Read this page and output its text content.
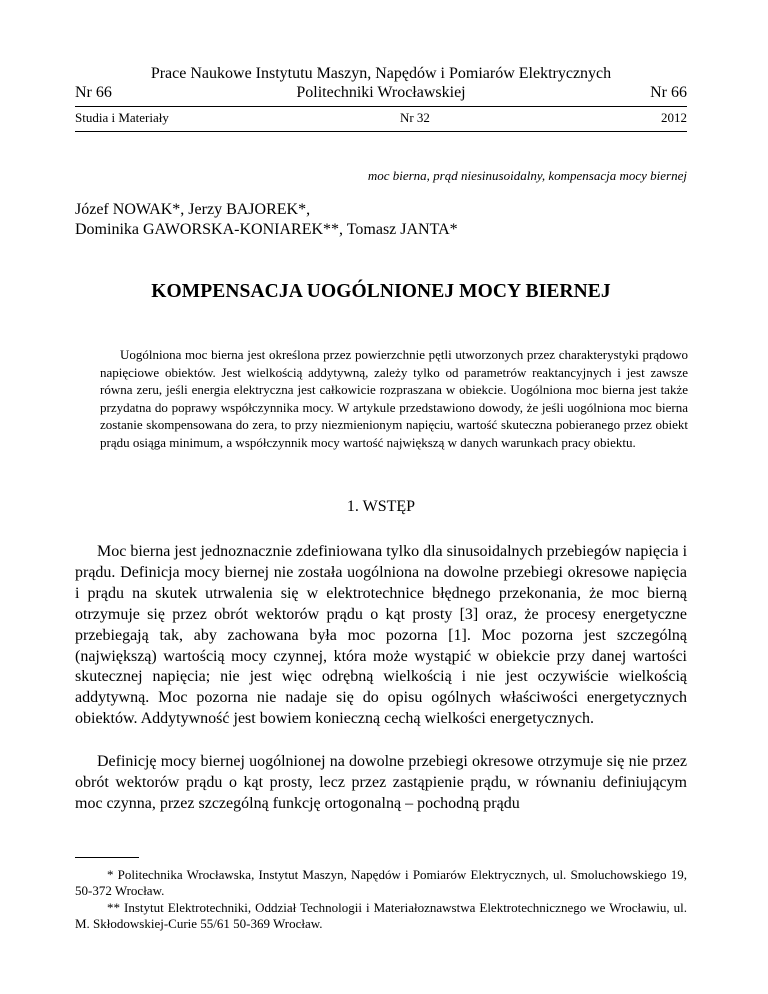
Prace Naukowe Instytutu Maszyn, Napędów i Pomiarów Elektrycznych
Nr 66	Politechniki Wrocławskiej	Nr 66
Studia i Materiały	Nr 32	2012
moc bierna, prąd niesinusoidalny, kompensacja mocy biernej
Józef NOWAK*, Jerzy BAJOREK*,
Dominika GAWORSKA-KONIAREK**, Tomasz JANTA*
KOMPENSACJA UOGÓLNIONEJ MOCY BIERNEJ

Uogólniona moc bierna jest określona przez powierzchnie pętli utworzonych przez charakterystyki prądowo napięciowe obiektów. Jest wielkością addytywną, zależy tylko od parametrów reaktancyjnych i jest zawsze równa zeru, jeśli energia elektryczna jest całkowicie rozpraszana w obiekcie. Uogólniona moc bierna jest także przydatna do poprawy współczynnika mocy. W artykule przedstawiono dowody, że jeśli uogólniona moc bierna zostanie skompensowana do zera, to przy niezmienionym napięciu, wartość skuteczna pobieranego przez obiekt prądu osiąga minimum, a współczynnik mocy wartość największą w danych warunkach pracy obiektu.

1. WSTĘP

Moc bierna jest jednoznacznie zdefiniowana tylko dla sinusoidalnych przebiegów napięcia i prądu. Definicja mocy biernej nie została uogólniona na dowolne przebiegi okresowe napięcia i prądu na skutek utrwalenia się w elektrotechnice błędnego przekonania, że moc bierną otrzymuje się przez obrót wektorów prądu o kąt prosty [3] oraz, że procesy energetyczne przebiegają tak, aby zachowana była moc pozorna [1]. Moc pozorna jest szczególną (największą) wartością mocy czynnej, która może wystąpić w obiekcie przy danej wartości skutecznej napięcia; nie jest więc odrębną wielkością i nie jest oczywiście wielkością addytywną. Moc pozorna nie nadaje się do opisu ogólnych właściwości energetycznych obiektów. Addytywność jest bowiem konieczną cechą wielkości energetycznych.

Definicję mocy biernej uogólnionej na dowolne przebiegi okresowe otrzymuje się nie przez obrót wektorów prądu o kąt prosty, lecz przez zastąpienie prądu, w równaniu definiującym moc czynna, przez szczególną funkcję ortogonalną – pochodną prądu

* Politechnika Wrocławska, Instytut Maszyn, Napędów i Pomiarów Elektrycznych, ul. Smoluchowskiego 19, 50-372 Wrocław.

** Instytut Elektrotechniki, Oddział Technologii i Materiałoznawstwa Elektrotechnicznego we Wrocławiu, ul. M. Skłodowskiej-Curie 55/61 50-369 Wrocław.
